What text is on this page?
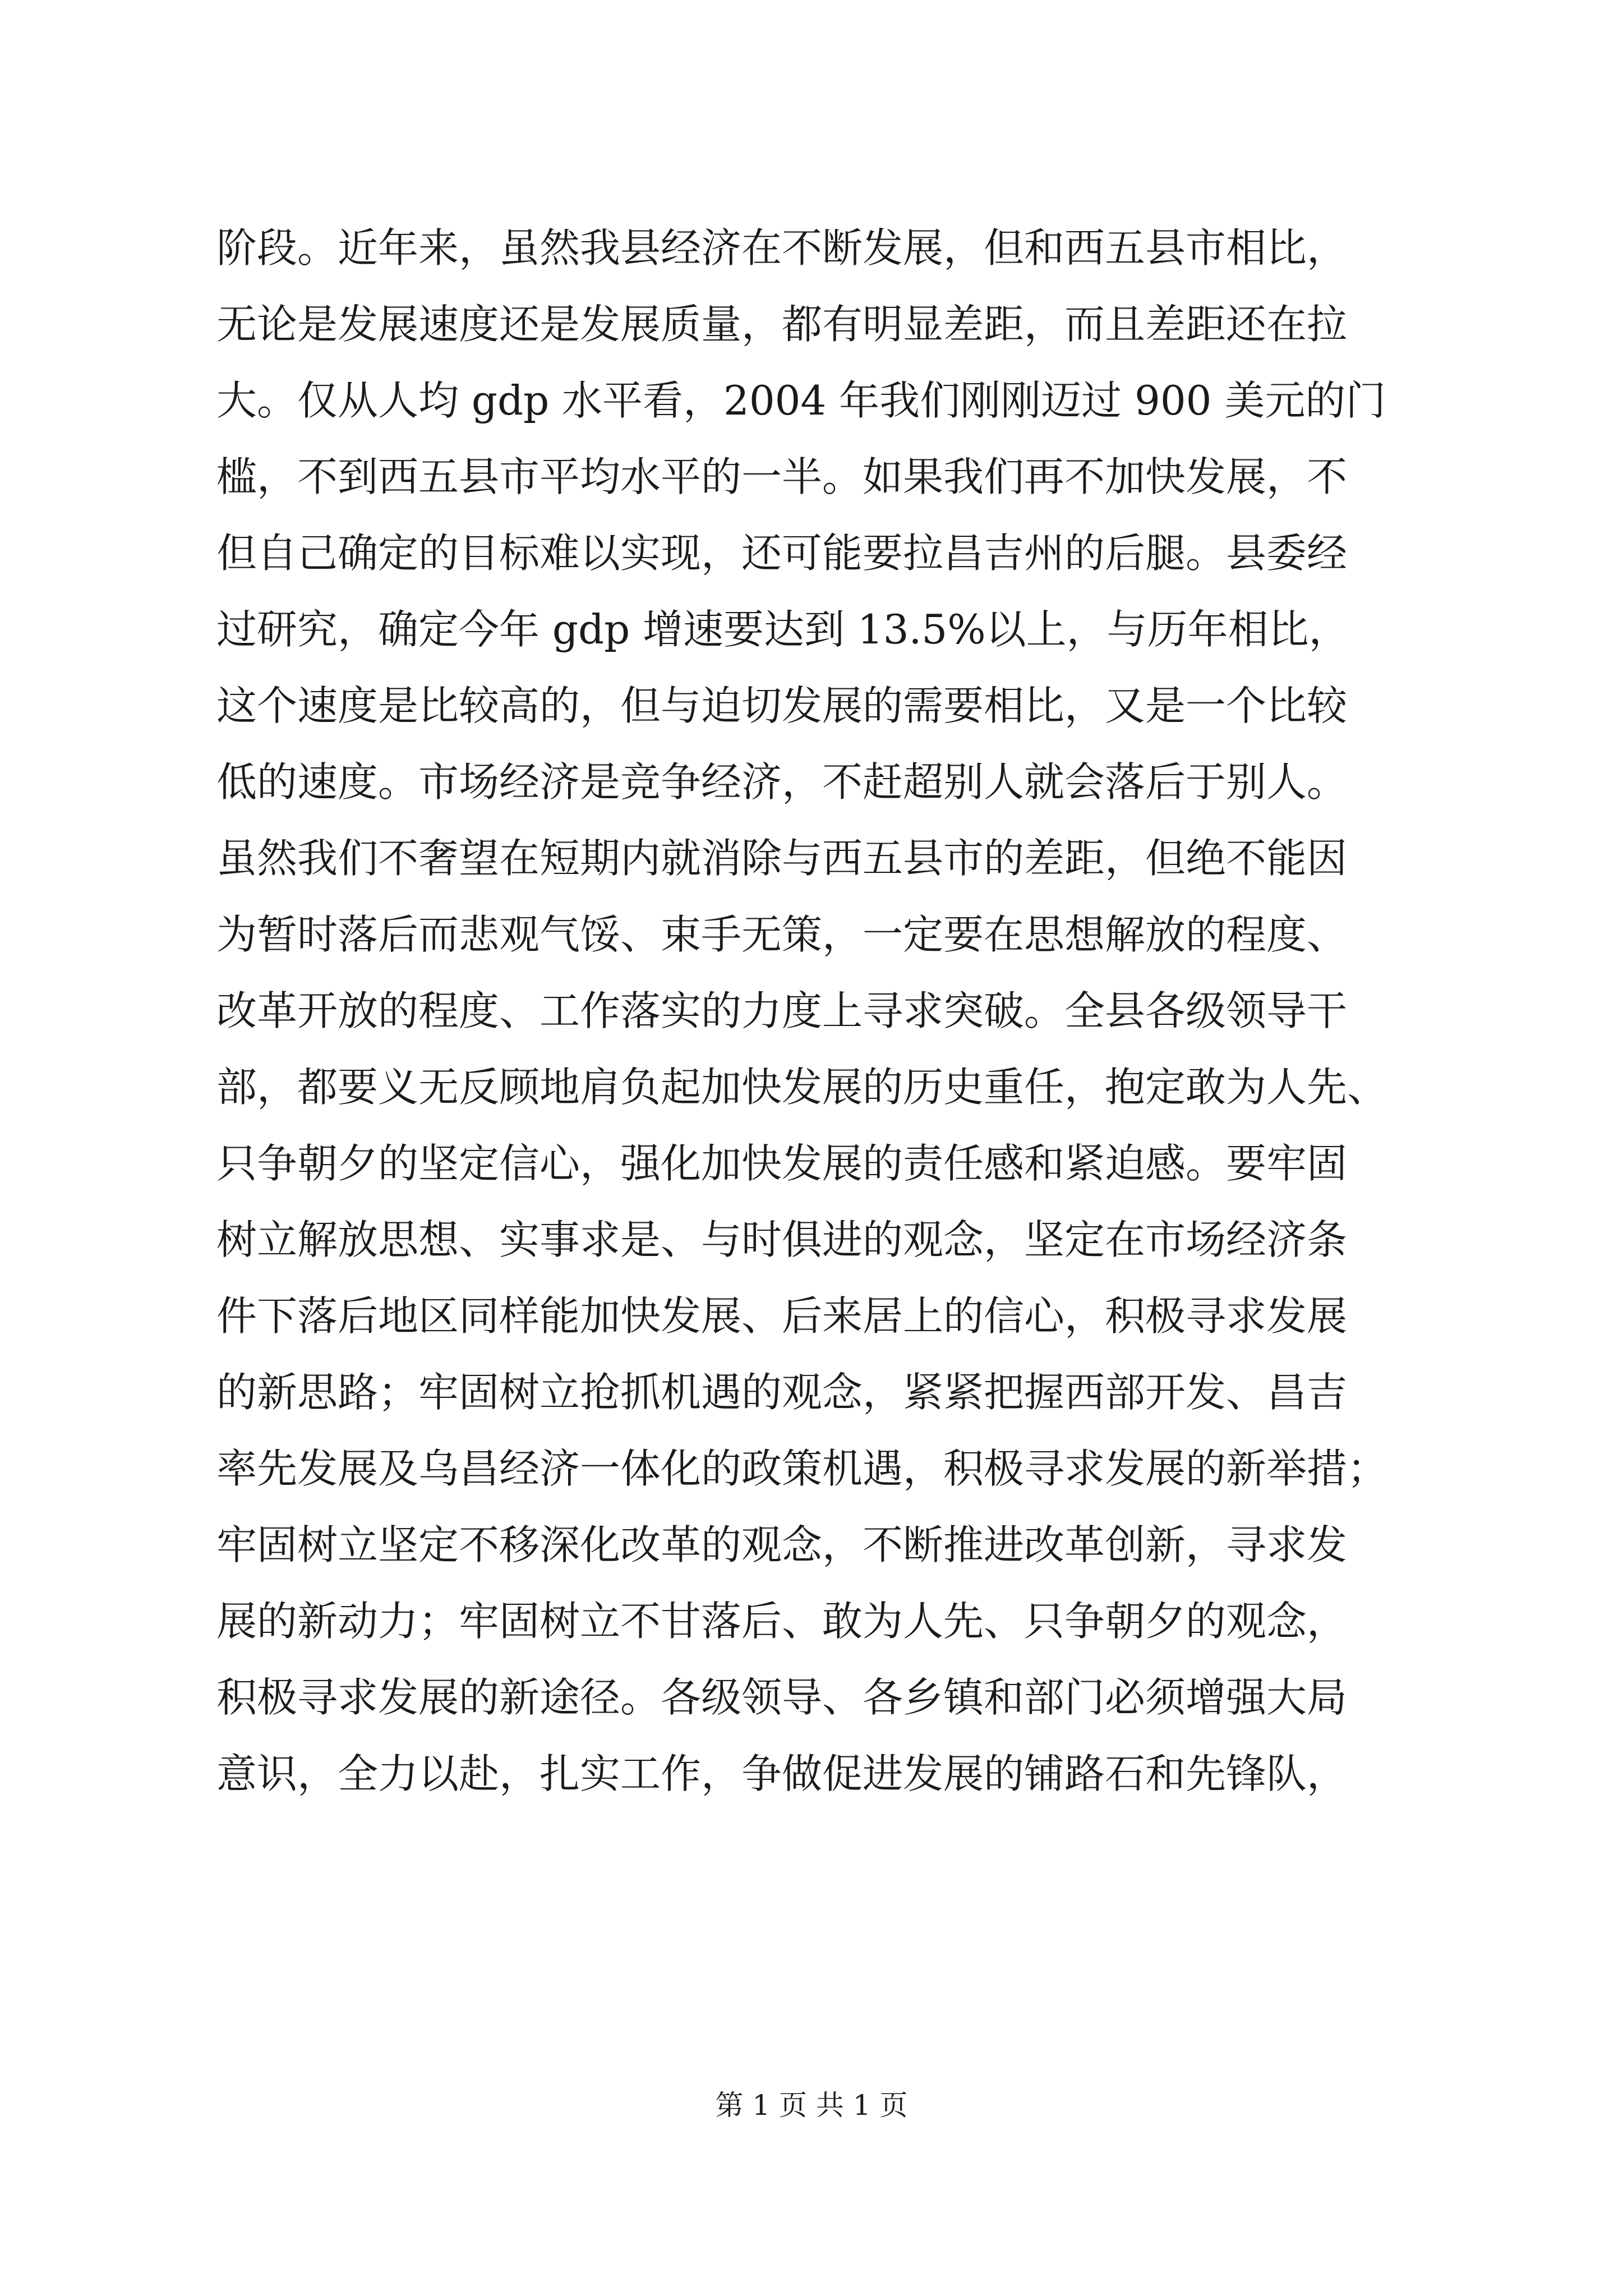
阶段。近年来，虽然我县经济在不断发展，但和西五县市相比，
无论是发展速度还是发展质量，都有明显差距，而且差距还在拉
大。仅从人均 gdp 水平看，2004 年我们刚刚迈过 900 美元的门
槛，不到西五县市平均水平的一半。如果我们再不加快发展，不
但自己确定的目标难以实现，还可能要拉昌吉州的后腿。县委经
过研究，确定今年 gdp 增速要达到 13.5%以上，与历年相比，
这个速度是比较高的，但与迫切发展的需要相比，又是一个比较
低的速度。市场经济是竞争经济，不赶超别人就会落后于别人。
虽然我们不奢望在短期内就消除与西五县市的差距，但绝不能因
为暂时落后而悲观气馁、束手无策，一定要在思想解放的程度、
改革开放的程度、工作落实的力度上寻求突破。全县各级领导干
部，都要义无反顾地肩负起加快发展的历史重任，抱定敢为人先、
只争朝夕的坚定信心，强化加快发展的责任感和紧迫感。要牢固
树立解放思想、实事求是、与时俱进的观念，坚定在市场经济条
件下落后地区同样能加快发展、后来居上的信心，积极寻求发展
的新思路；牢固树立抢抓机遇的观念，紧紧把握西部开发、昌吉
率先发展及乌昌经济一体化的政策机遇，积极寻求发展的新举措；
牢固树立坚定不移深化改革的观念，不断推进改革创新，寻求发
展的新动力；牢固树立不甘落后、敢为人先、只争朝夕的观念，
积极寻求发展的新途径。各级领导、各乡镇和部门必须增强大局
意识，全力以赴，扎实工作，争做促进发展的铺路石和先锋队，
第 1 页 共 1 页
